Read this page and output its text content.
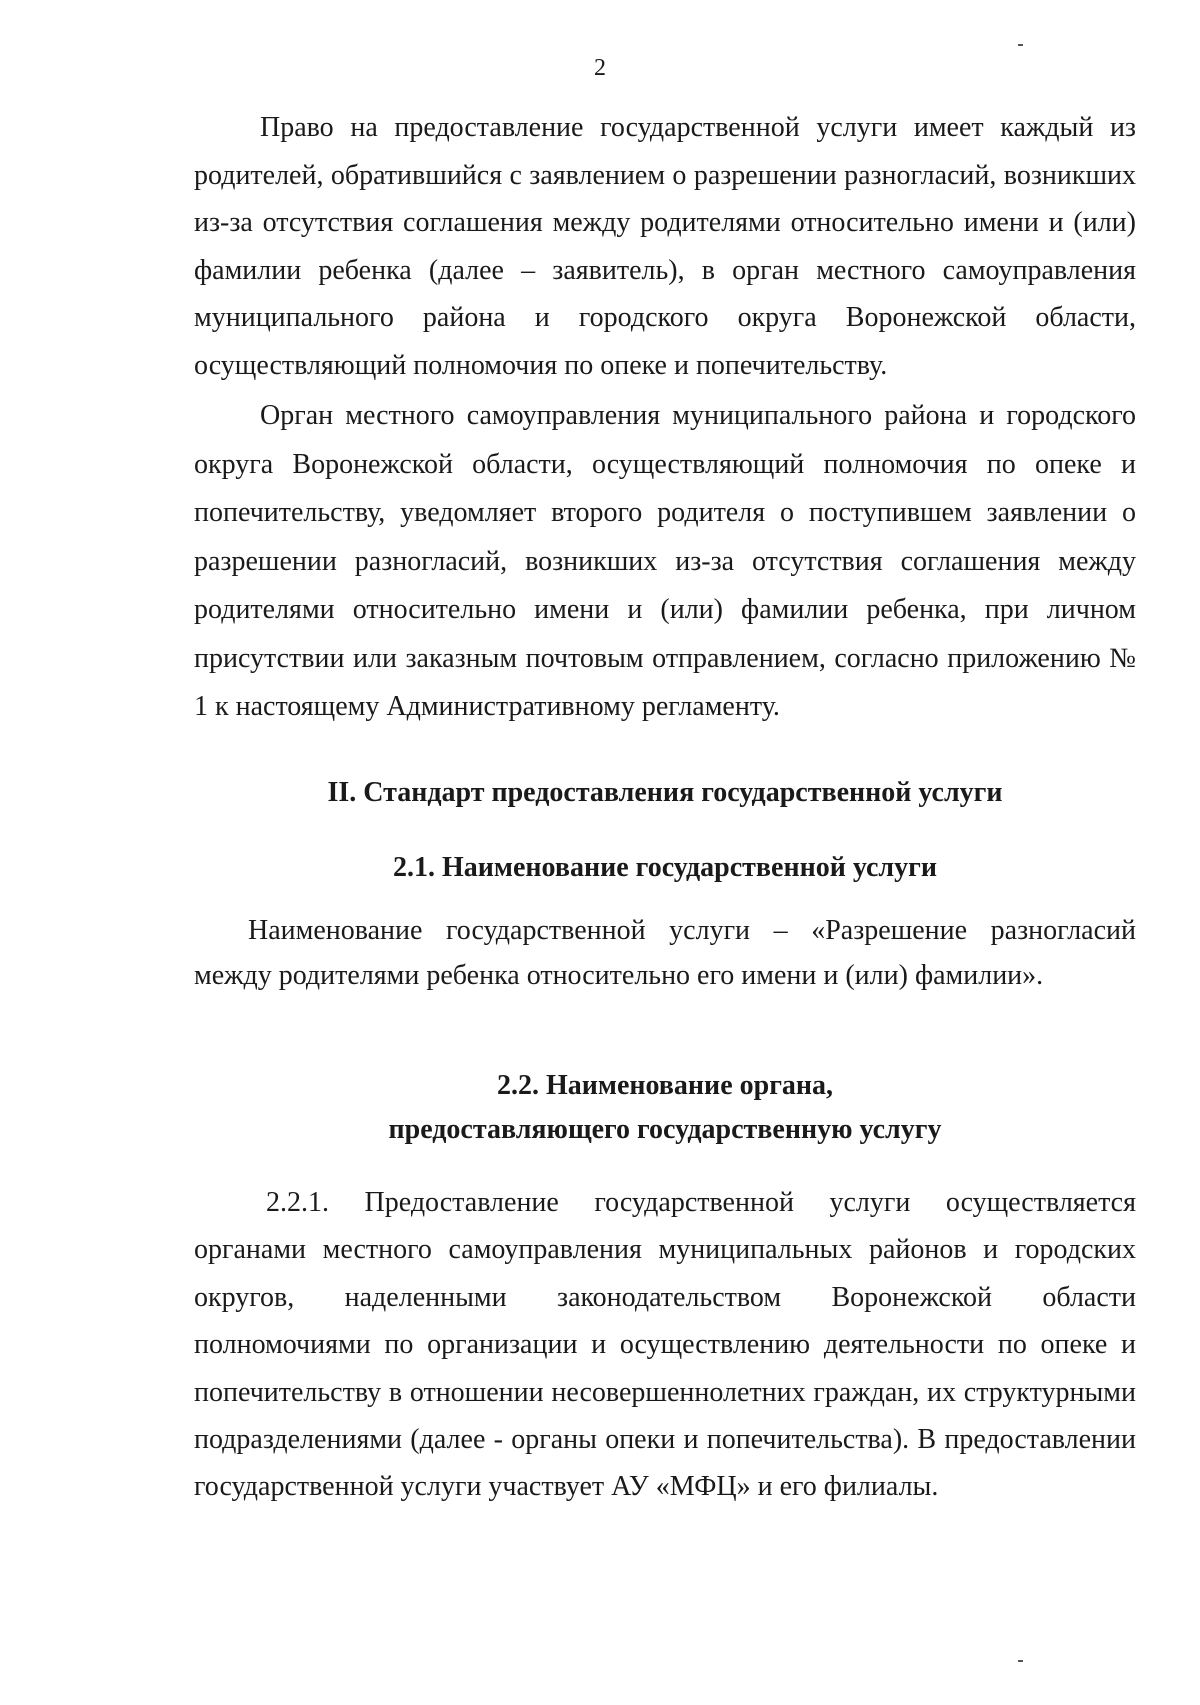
2

Право на предоставление государственной услуги имеет каждый из родителей, обратившийся с заявлением о разрешении разногласий, возникших из-за отсутствия соглашения между родителями относительно имени и (или) фамилии ребенка (далее – заявитель), в орган местного самоуправления муниципального района и городского округа Воронежской области, осуществляющий полномочия по опеке и попечительству.

Орган местного самоуправления муниципального района и городского округа Воронежской области, осуществляющий полномочия по опеке и попечительству, уведомляет второго родителя о поступившем заявлении о разрешении разногласий, возникших из-за отсутствия соглашения между родителями относительно имени и (или) фамилии ребенка, при личном присутствии или заказным почтовым отправлением, согласно приложению № 1 к настоящему Административному регламенту.

II. Стандарт предоставления государственной услуги
2.1. Наименование государственной услуги

Наименование государственной услуги – «Разрешение разногласий между родителями ребенка относительно его имени и (или) фамилии».

2.2. Наименование органа,
предоставляющего государственную услугу

2.2.1. Предоставление государственной услуги осуществляется органами местного самоуправления муниципальных районов и городских округов, наделенными законодательством Воронежской области полномочиями по организации и осуществлению деятельности по опеке и попечительству в отношении несовершеннолетних граждан, их структурными подразделениями (далее - органы опеки и попечительства). В предоставлении государственной услуги участвует АУ «МФЦ» и его филиалы.
